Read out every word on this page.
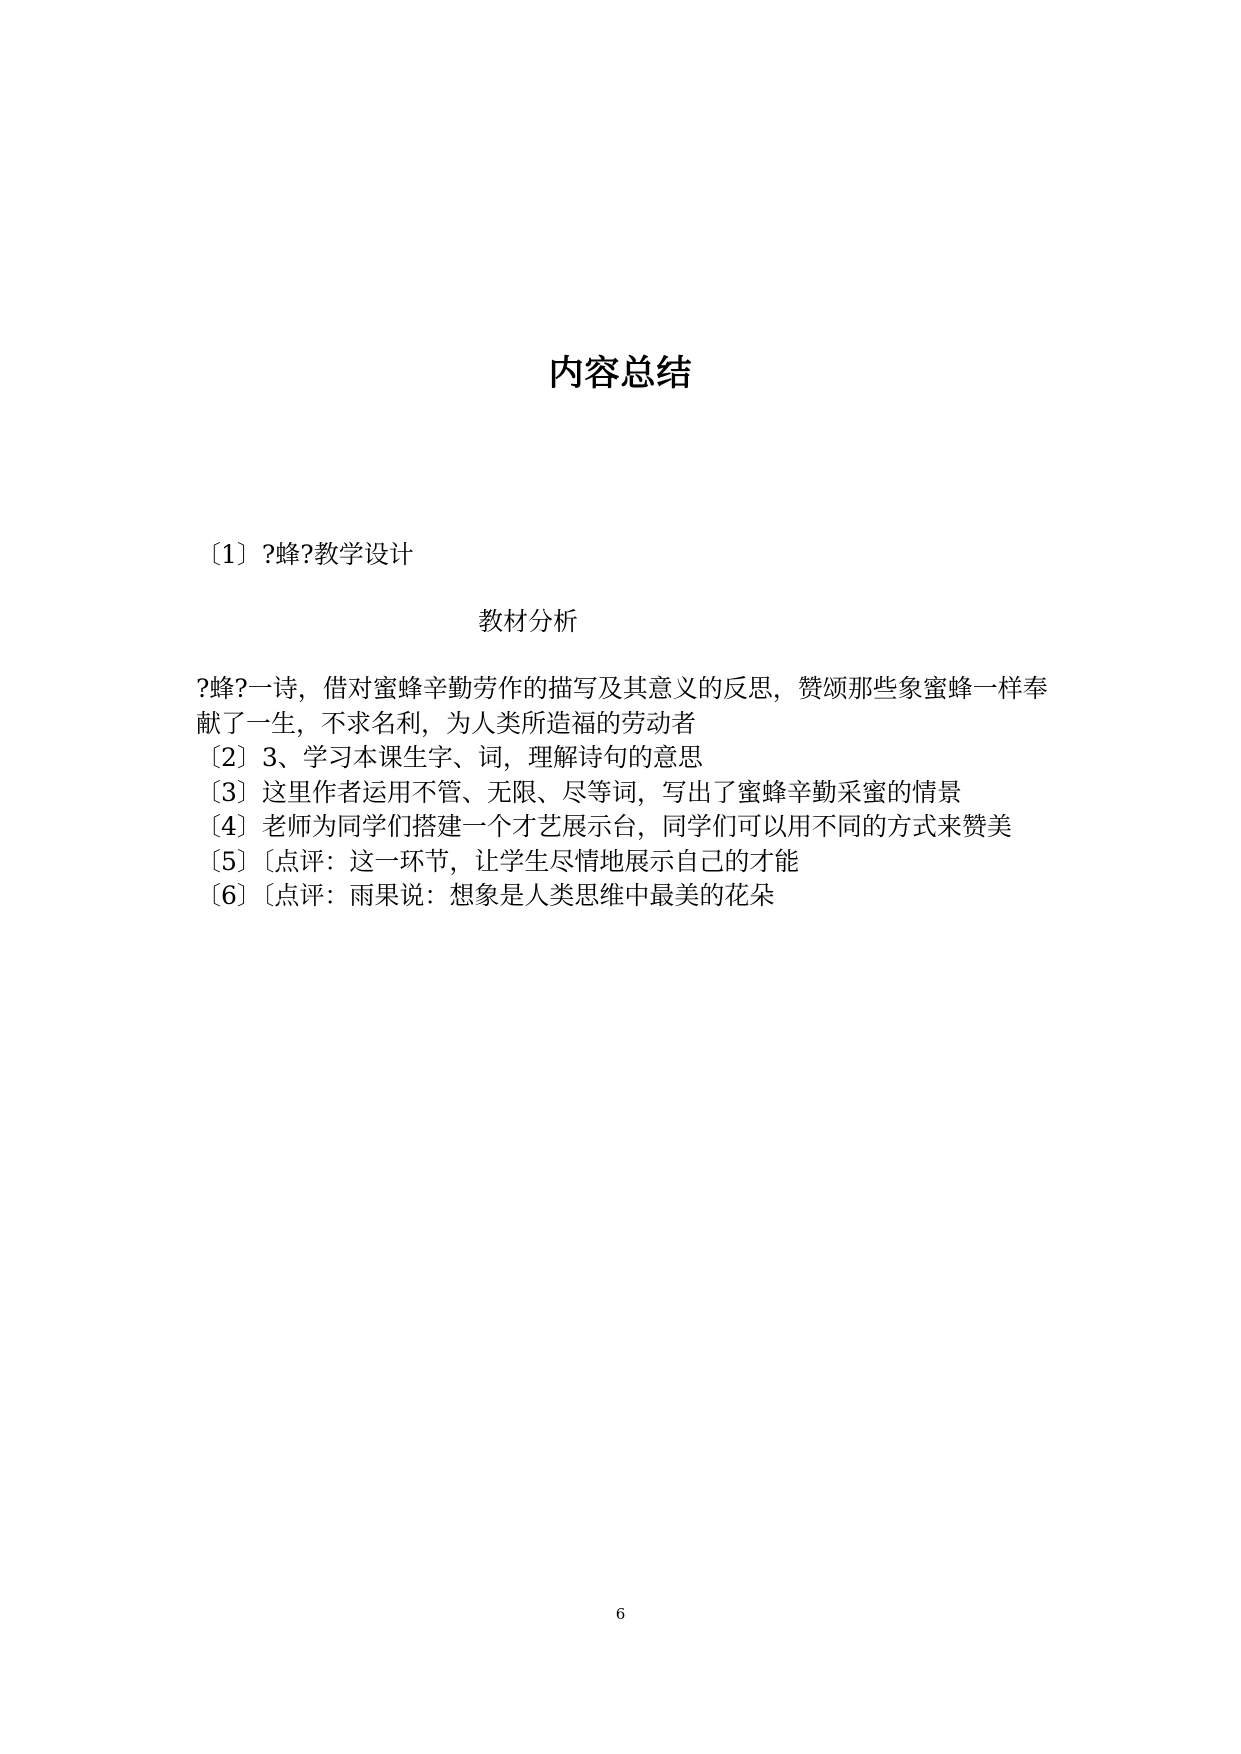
内容总结
〔1〕?蜂?教学设计
教材分析

?蜂?一诗，借对蜜蜂辛勤劳作的描写及其意义的反思，赞颂那些象蜜蜂一样奉献了一生，不求名利，为人类所造福的劳动者

〔2〕3、学习本课生字、词，理解诗句的意思

〔3〕这里作者运用不管、无限、尽等词，写出了蜜蜂辛勤采蜜的情景

〔4〕老师为同学们搭建一个才艺展示台，同学们可以用不同的方式来赞美

〔5〕〔点评：这一环节，让学生尽情地展示自己的才能

〔6〕〔点评：雨果说：想象是人类思维中最美的花朵

6
